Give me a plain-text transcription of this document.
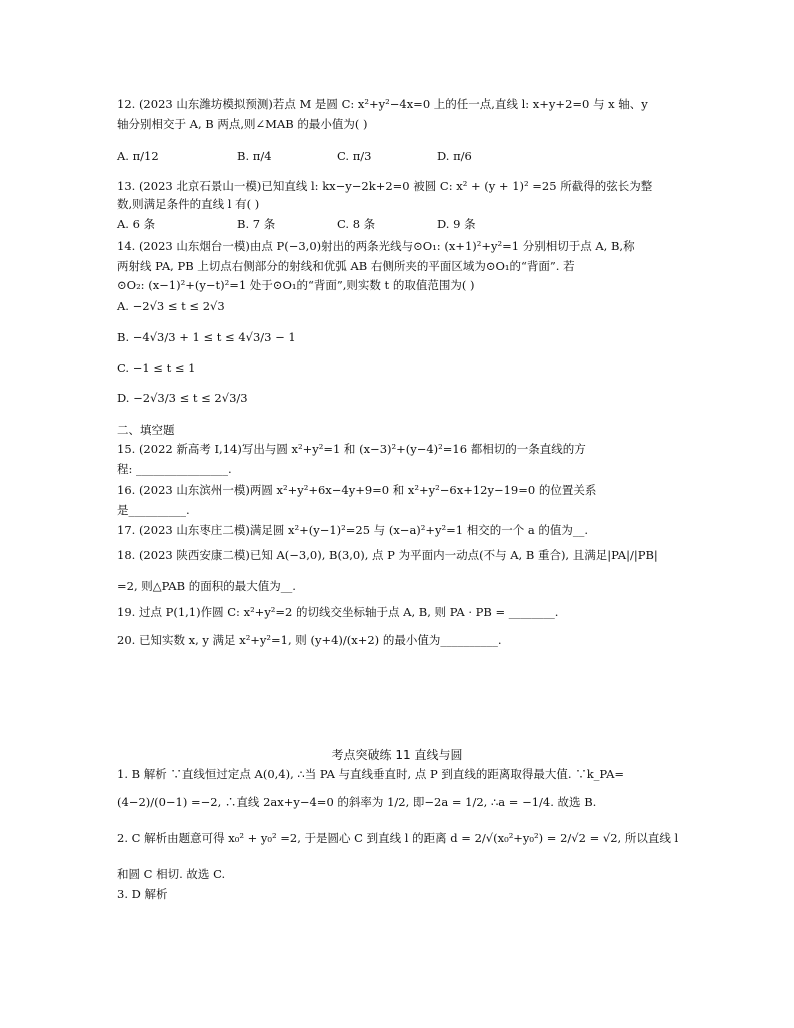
12. (2023 山东潍坊模拟预测)若点 M 是圆 C: x²+y²−4x=0 上的任一点,直线 l: x+y+2=0 与 x 轴、y
轴分别相交于 A, B 两点,则∠MAB 的最小值为( )
A. π/12	B. π/4	C. π/3	D. π/6
13. (2023 北京石景山一模)已知直线 l: kx−y−2k+2=0 被圆 C: x² + (y + 1)² =25 所截得的弦长为整
数,则满足条件的直线 l 有( )
A. 6 条	B. 7 条	C. 8 条	D. 9 条
14. (2023 山东烟台一模)由点 P(−3,0)射出的两条光线与⊙O₁: (x+1)²+y²=1 分别相切于点 A, B,称
两射线 PA, PB 上切点右侧部分的射线和优弧 AB 右侧所夹的平面区域为⊙O₁的“背面”. 若
⊙O₂: (x−1)²+(y−t)²=1 处于⊙O₁的“背面”,则实数 t 的取值范围为( )
A. −2√3 ≤ t ≤ 2√3
B. −4√3/3 + 1 ≤ t ≤ 4√3/3 − 1
C. −1 ≤ t ≤ 1
D. −2√3/3 ≤ t ≤ 2√3/3
二、填空题
15. (2022 新高考 Ⅰ,14)写出与圆 x²+y²=1 和 (x−3)²+(y−4)²=16 都相切的一条直线的方
程: ________________.
16. (2023 山东滨州一模)两圆 x²+y²+6x−4y+9=0 和 x²+y²−6x+12y−19=0 的位置关系
是__________.
17. (2023 山东枣庄二模)满足圆 x²+(y−1)²=25 与 (x−a)²+y²=1 相交的一个 a 的值为__.
18. (2023 陕西安康二模)已知 A(−3,0), B(3,0), 点 P 为平面内一动点(不与 A, B 重合), 且满足|PA|/|PB|
=2, 则△PAB 的面积的最大值为__.
19. 过点 P(1,1)作圆 C: x²+y²=2 的切线交坐标轴于点 A, B, 则 PA · PB = ________.
20. 已知实数 x, y 满足 x²+y²=1, 则 (y+4)/(x+2) 的最小值为__________.
考点突破练 11 直线与圆
1. B 解析 ∵直线恒过定点 A(0,4), ∴当 PA 与直线垂直时, 点 P 到直线的距离取得最大值. ∵k_PA=
(4−2)/(0−1) =−2, ∴直线 2ax+y−4=0 的斜率为 1/2, 即−2a = 1/2, ∴a = −1/4. 故选 B.
2. C 解析由题意可得 x₀² + y₀² =2, 于是圆心 C 到直线 l 的距离 d = 2/√(x₀²+y₀²) = 2/√2 = √2, 所以直线 l
和圆 C 相切. 故选 C.
3. D 解析
